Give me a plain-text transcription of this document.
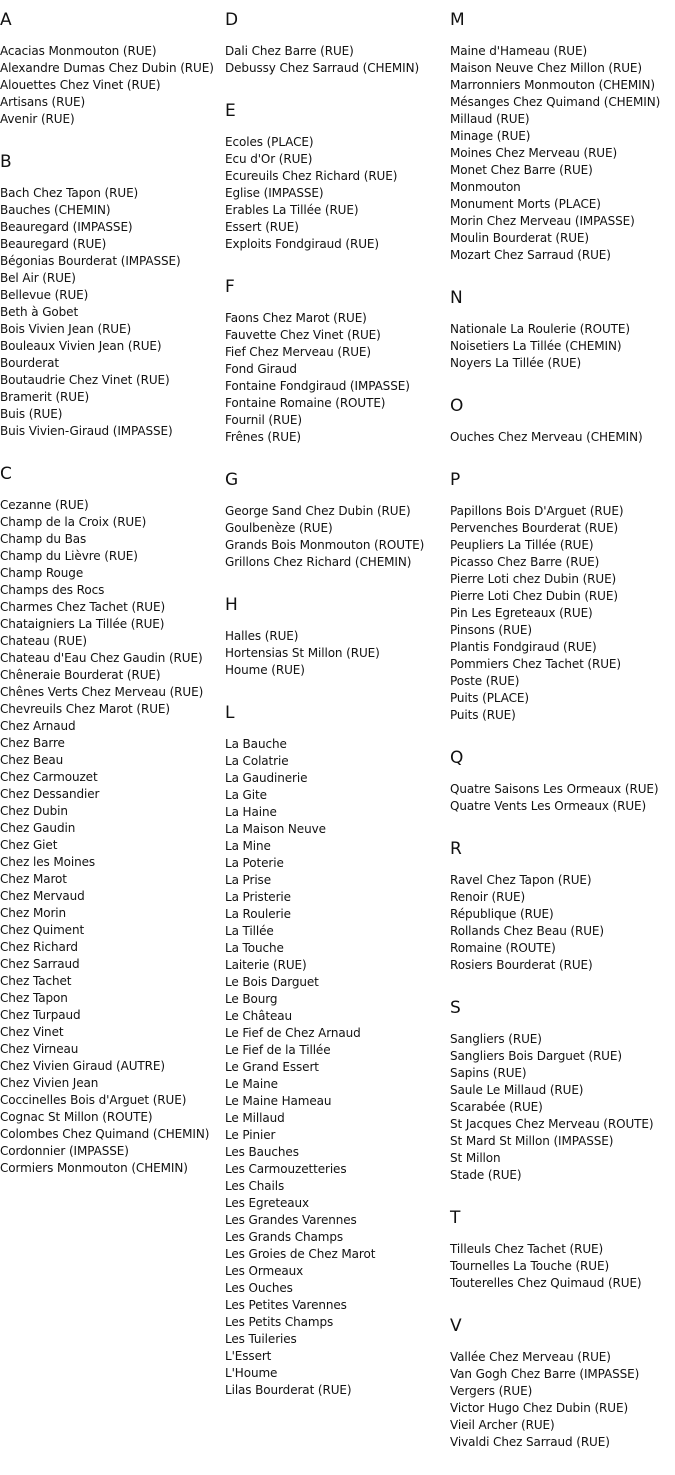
A
Acacias Monmouton (RUE)
Alexandre Dumas Chez Dubin (RUE)
Alouettes Chez Vinet (RUE)
Artisans (RUE)
Avenir (RUE)
B
Bach Chez Tapon (RUE)
Bauches (CHEMIN)
Beauregard (IMPASSE)
Beauregard (RUE)
Bégonias Bourderat (IMPASSE)
Bel Air (RUE)
Bellevue (RUE)
Beth à Gobet
Bois Vivien Jean (RUE)
Bouleaux Vivien Jean (RUE)
Bourderat
Boutaudrie Chez Vinet (RUE)
Bramerit (RUE)
Buis (RUE)
Buis Vivien-Giraud (IMPASSE)
C
Cezanne (RUE)
Champ de la Croix (RUE)
Champ du Bas
Champ du Lièvre (RUE)
Champ Rouge
Champs des Rocs
Charmes Chez Tachet (RUE)
Chataigniers La Tillée (RUE)
Chateau (RUE)
Chateau d'Eau Chez Gaudin (RUE)
Chêneraie Bourderat (RUE)
Chênes Verts Chez Merveau (RUE)
Chevreuils Chez Marot (RUE)
Chez Arnaud
Chez Barre
Chez Beau
Chez Carmouzet
Chez Dessandier
Chez Dubin
Chez Gaudin
Chez Giet
Chez les Moines
Chez Marot
Chez Mervaud
Chez Morin
Chez Quiment
Chez Richard
Chez Sarraud
Chez Tachet
Chez Tapon
Chez Turpaud
Chez Vinet
Chez Virneau
Chez Vivien Giraud (AUTRE)
Chez Vivien Jean
Coccinelles Bois d'Arguet (RUE)
Cognac St Millon (ROUTE)
Colombes Chez Quimand (CHEMIN)
Cordonnier (IMPASSE)
Cormiers Monmouton (CHEMIN)
D
Dali Chez Barre (RUE)
Debussy Chez Sarraud (CHEMIN)
E
Ecoles (PLACE)
Ecu d'Or (RUE)
Ecureuils Chez Richard (RUE)
Eglise (IMPASSE)
Erables La Tillée (RUE)
Essert (RUE)
Exploits Fondgiraud (RUE)
F
Faons Chez Marot (RUE)
Fauvette Chez Vinet (RUE)
Fief Chez Merveau (RUE)
Fond Giraud
Fontaine Fondgiraud (IMPASSE)
Fontaine Romaine (ROUTE)
Fournil (RUE)
Frênes (RUE)
G
George Sand Chez Dubin (RUE)
Goulbenèze (RUE)
Grands Bois Monmouton (ROUTE)
Grillons Chez Richard (CHEMIN)
H
Halles (RUE)
Hortensias St Millon (RUE)
Houme (RUE)
L
La Bauche
La Colatrie
La Gaudinerie
La Gite
La Haine
La Maison Neuve
La Mine
La Poterie
La Prise
La Pristerie
La Roulerie
La Tillée
La Touche
Laiterie (RUE)
Le Bois Darguet
Le Bourg
Le Château
Le Fief de Chez Arnaud
Le Fief de la Tillée
Le Grand Essert
Le Maine
Le Maine Hameau
Le Millaud
Le Pinier
Les Bauches
Les Carmouzetteries
Les Chails
Les Egreteaux
Les Grandes Varennes
Les Grands Champs
Les Groies de Chez Marot
Les Ormeaux
Les Ouches
Les Petites Varennes
Les Petits Champs
Les Tuileries
L'Essert
L'Houme
Lilas Bourderat (RUE)
M
Maine d'Hameau (RUE)
Maison Neuve Chez Millon (RUE)
Marronniers Monmouton (CHEMIN)
Mésanges Chez Quimand (CHEMIN)
Millaud (RUE)
Minage (RUE)
Moines Chez Merveau (RUE)
Monet Chez Barre (RUE)
Monmouton
Monument Morts (PLACE)
Morin Chez Merveau (IMPASSE)
Moulin Bourderat (RUE)
Mozart Chez Sarraud (RUE)
N
Nationale La Roulerie (ROUTE)
Noisetiers La Tillée (CHEMIN)
Noyers La Tillée (RUE)
O
Ouches Chez Merveau (CHEMIN)
P
Papillons Bois D'Arguet (RUE)
Pervenches Bourderat (RUE)
Peupliers La Tillée (RUE)
Picasso Chez Barre (RUE)
Pierre Loti chez Dubin (RUE)
Pierre Loti Chez Dubin (RUE)
Pin Les Egreteaux (RUE)
Pinsons (RUE)
Plantis Fondgiraud (RUE)
Pommiers Chez Tachet (RUE)
Poste (RUE)
Puits (PLACE)
Puits (RUE)
Q
Quatre Saisons Les Ormeaux (RUE)
Quatre Vents Les Ormeaux (RUE)
R
Ravel Chez Tapon (RUE)
Renoir (RUE)
République (RUE)
Rollands Chez Beau (RUE)
Romaine (ROUTE)
Rosiers Bourderat (RUE)
S
Sangliers (RUE)
Sangliers Bois Darguet (RUE)
Sapins (RUE)
Saule Le Millaud (RUE)
Scarabée (RUE)
St Jacques Chez Merveau (ROUTE)
St Mard St Millon (IMPASSE)
St Millon
Stade (RUE)
T
Tilleuls Chez Tachet (RUE)
Tournelles La Touche (RUE)
Touterelles Chez Quimaud (RUE)
V
Vallée Chez Merveau (RUE)
Van Gogh Chez Barre (IMPASSE)
Vergers (RUE)
Victor Hugo Chez Dubin (RUE)
Vieil Archer (RUE)
Vivaldi Chez Sarraud (RUE)
